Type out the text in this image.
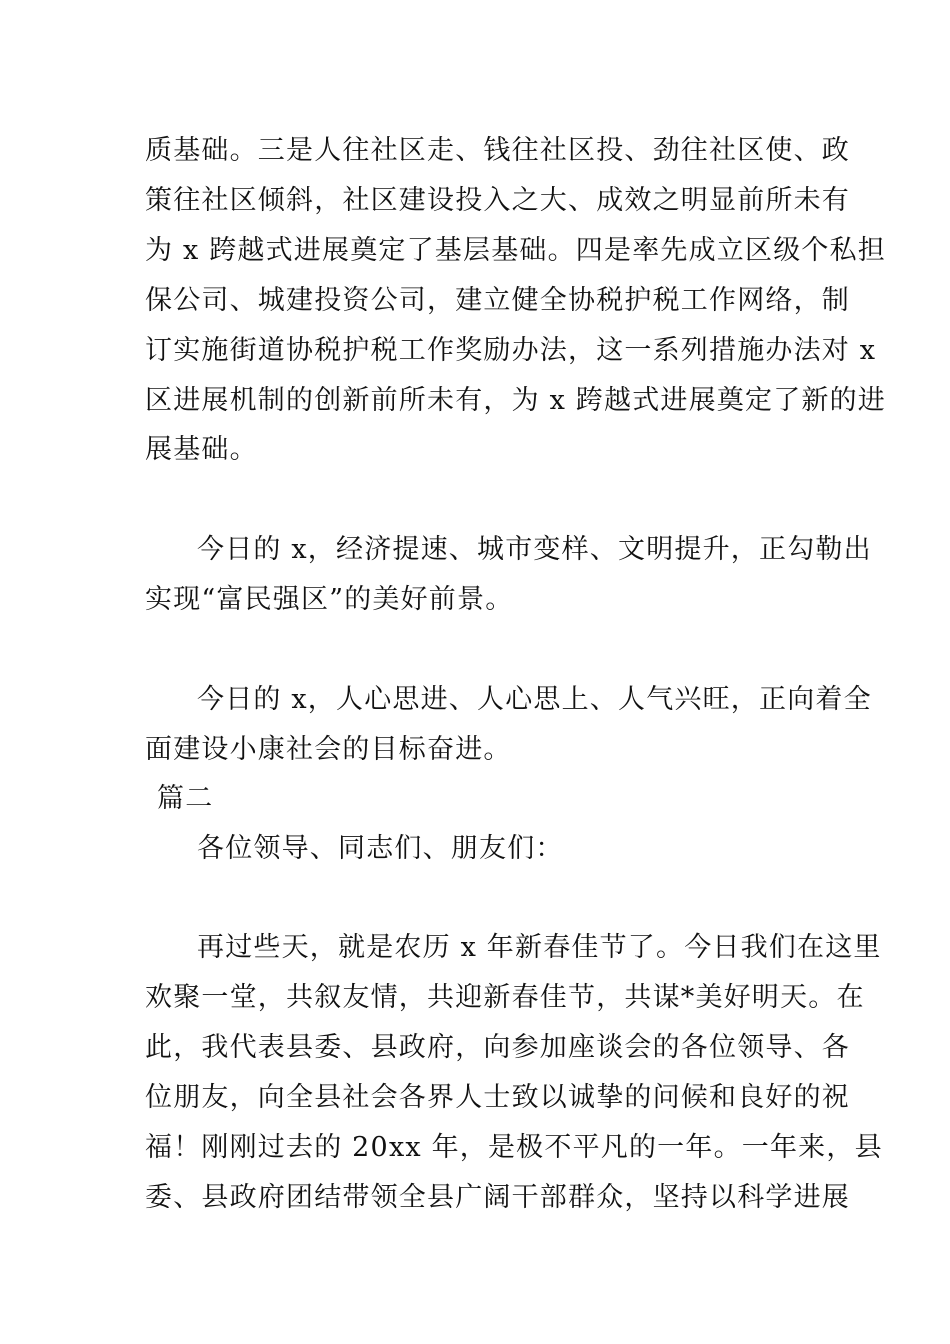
质基础。三是人往社区走、钱往社区投、劲往社区使、政
策往社区倾斜，社区建设投入之大、成效之明显前所未有
为 x 跨越式进展奠定了基层基础。四是率先成立区级个私担
保公司、城建投资公司，建立健全协税护税工作网络，制
订实施街道协税护税工作奖励办法，这一系列措施办法对 x
区进展机制的创新前所未有，为 x 跨越式进展奠定了新的进
展基础。
今日的 x，经济提速、城市变样、文明提升，正勾勒出
实现“富民强区”的美好前景。
今日的 x，人心思进、人心思上、人气兴旺，正向着全
面建设小康社会的目标奋进。
篇二
各位领导、同志们、朋友们：
再过些天，就是农历 x 年新春佳节了。今日我们在这里
欢聚一堂，共叙友情，共迎新春佳节，共谋*美好明天。在
此，我代表县委、县政府，向参加座谈会的各位领导、各
位朋友，向全县社会各界人士致以诚挚的问候和良好的祝
福！刚刚过去的 20xx 年，是极不平凡的一年。一年来，县
委、县政府团结带领全县广阔干部群众，坚持以科学进展
